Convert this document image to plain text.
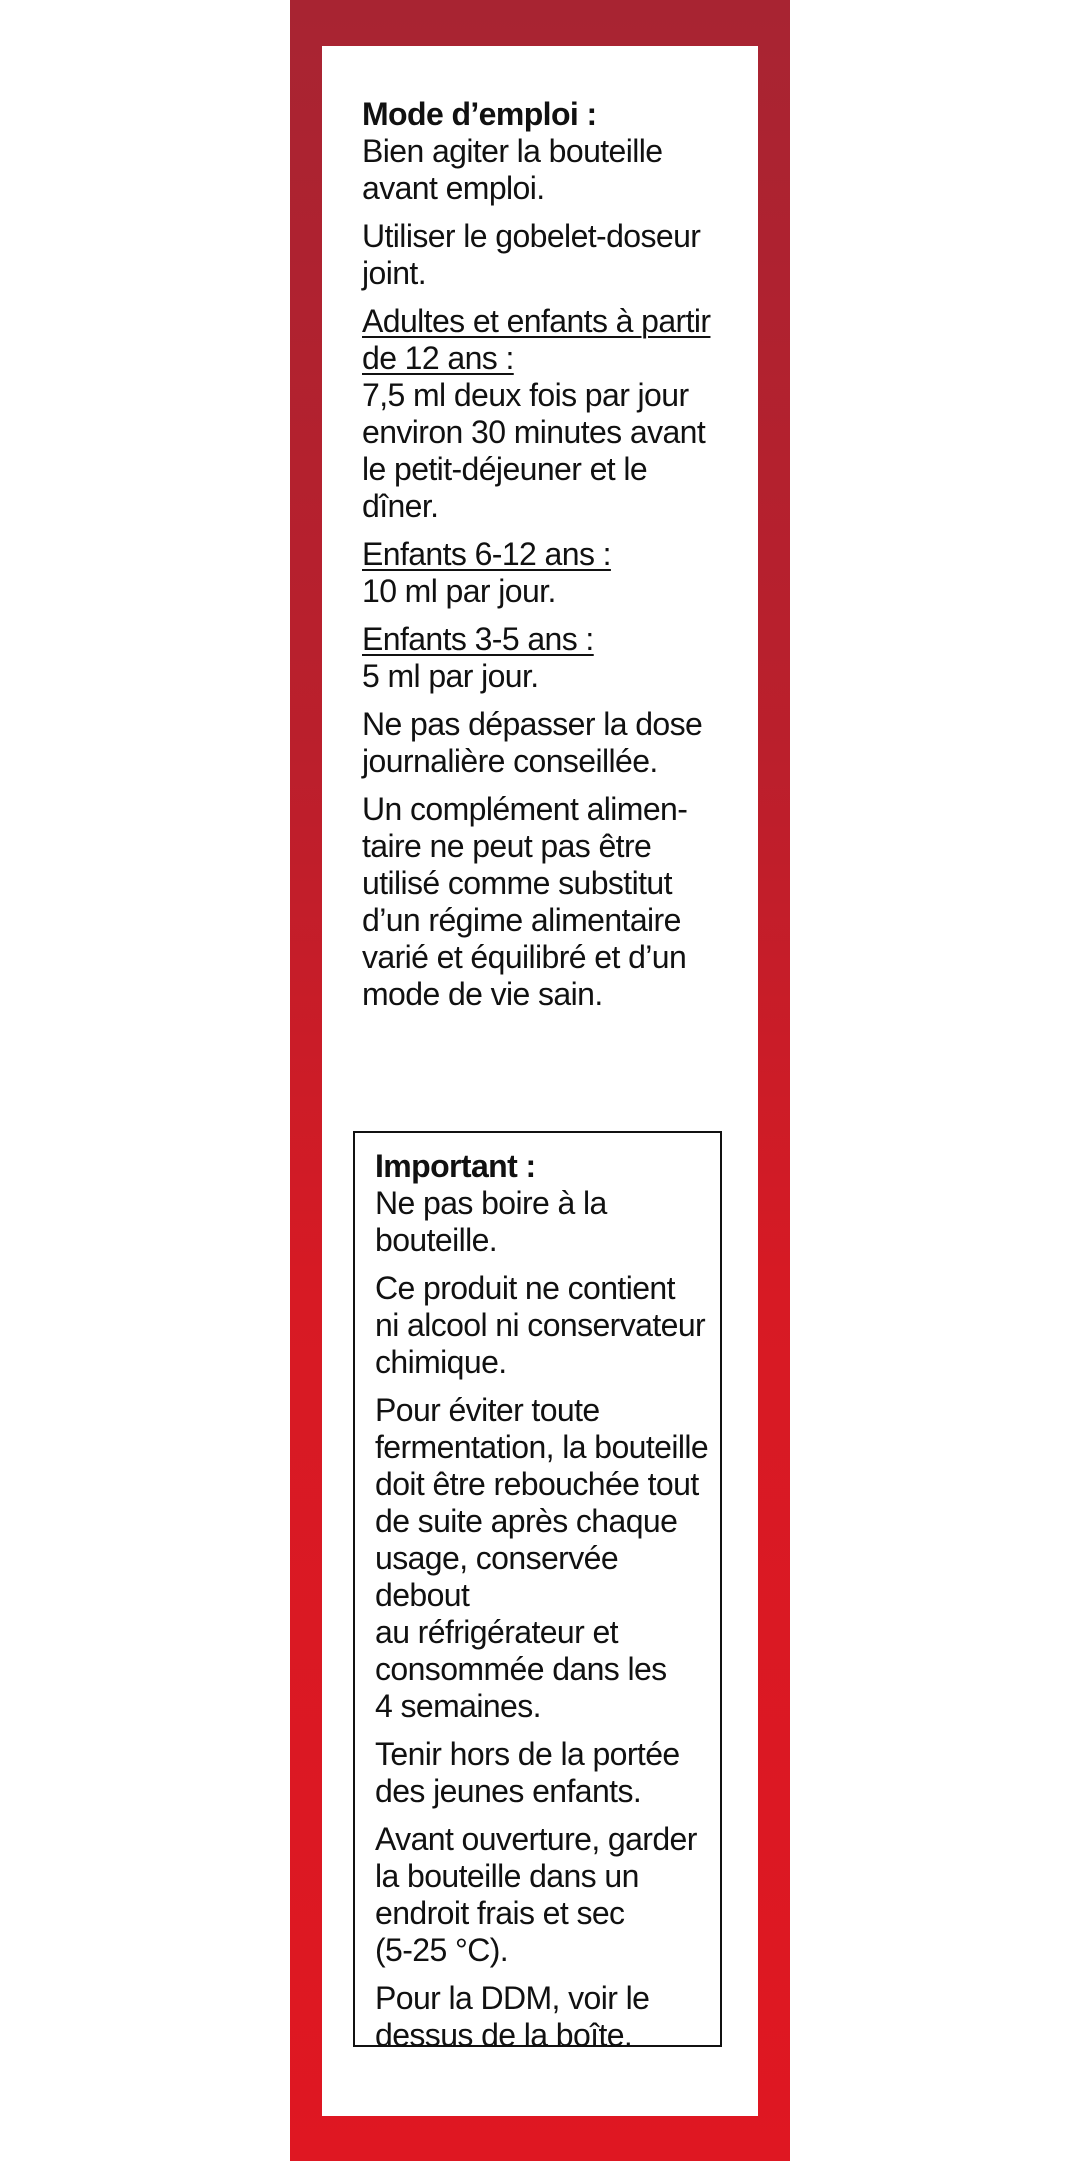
Mode d’emploi :
Bien agiter la bouteille
avant emploi.

Utiliser le gobelet-doseur
joint.

Adultes et enfants à partir
de 12 ans :
7,5 ml deux fois par jour
environ 30 minutes avant
le petit-déjeuner et le
dîner.

Enfants 6-12 ans :
10 ml par jour.

Enfants 3-5 ans :
5 ml par jour.

Ne pas dépasser la dose
journalière conseillée.

Un complément alimen-
taire ne peut pas être
utilisé comme substitut
d’un régime alimentaire
varié et équilibré et d’un
mode de vie sain.

Important :
Ne pas boire à la
bouteille.

Ce produit ne contient
ni alcool ni conservateur
chimique.

Pour éviter toute
fermentation, la bouteille
doit être rebouchée tout
de suite après chaque
usage, conservée debout
au réfrigérateur et
consommée dans les
4 semaines.

Tenir hors de la portée
des jeunes enfants.

Avant ouverture, garder
la bouteille dans un
endroit frais et sec
(5-25 °C).

Pour la DDM, voir le
dessus de la boîte.
